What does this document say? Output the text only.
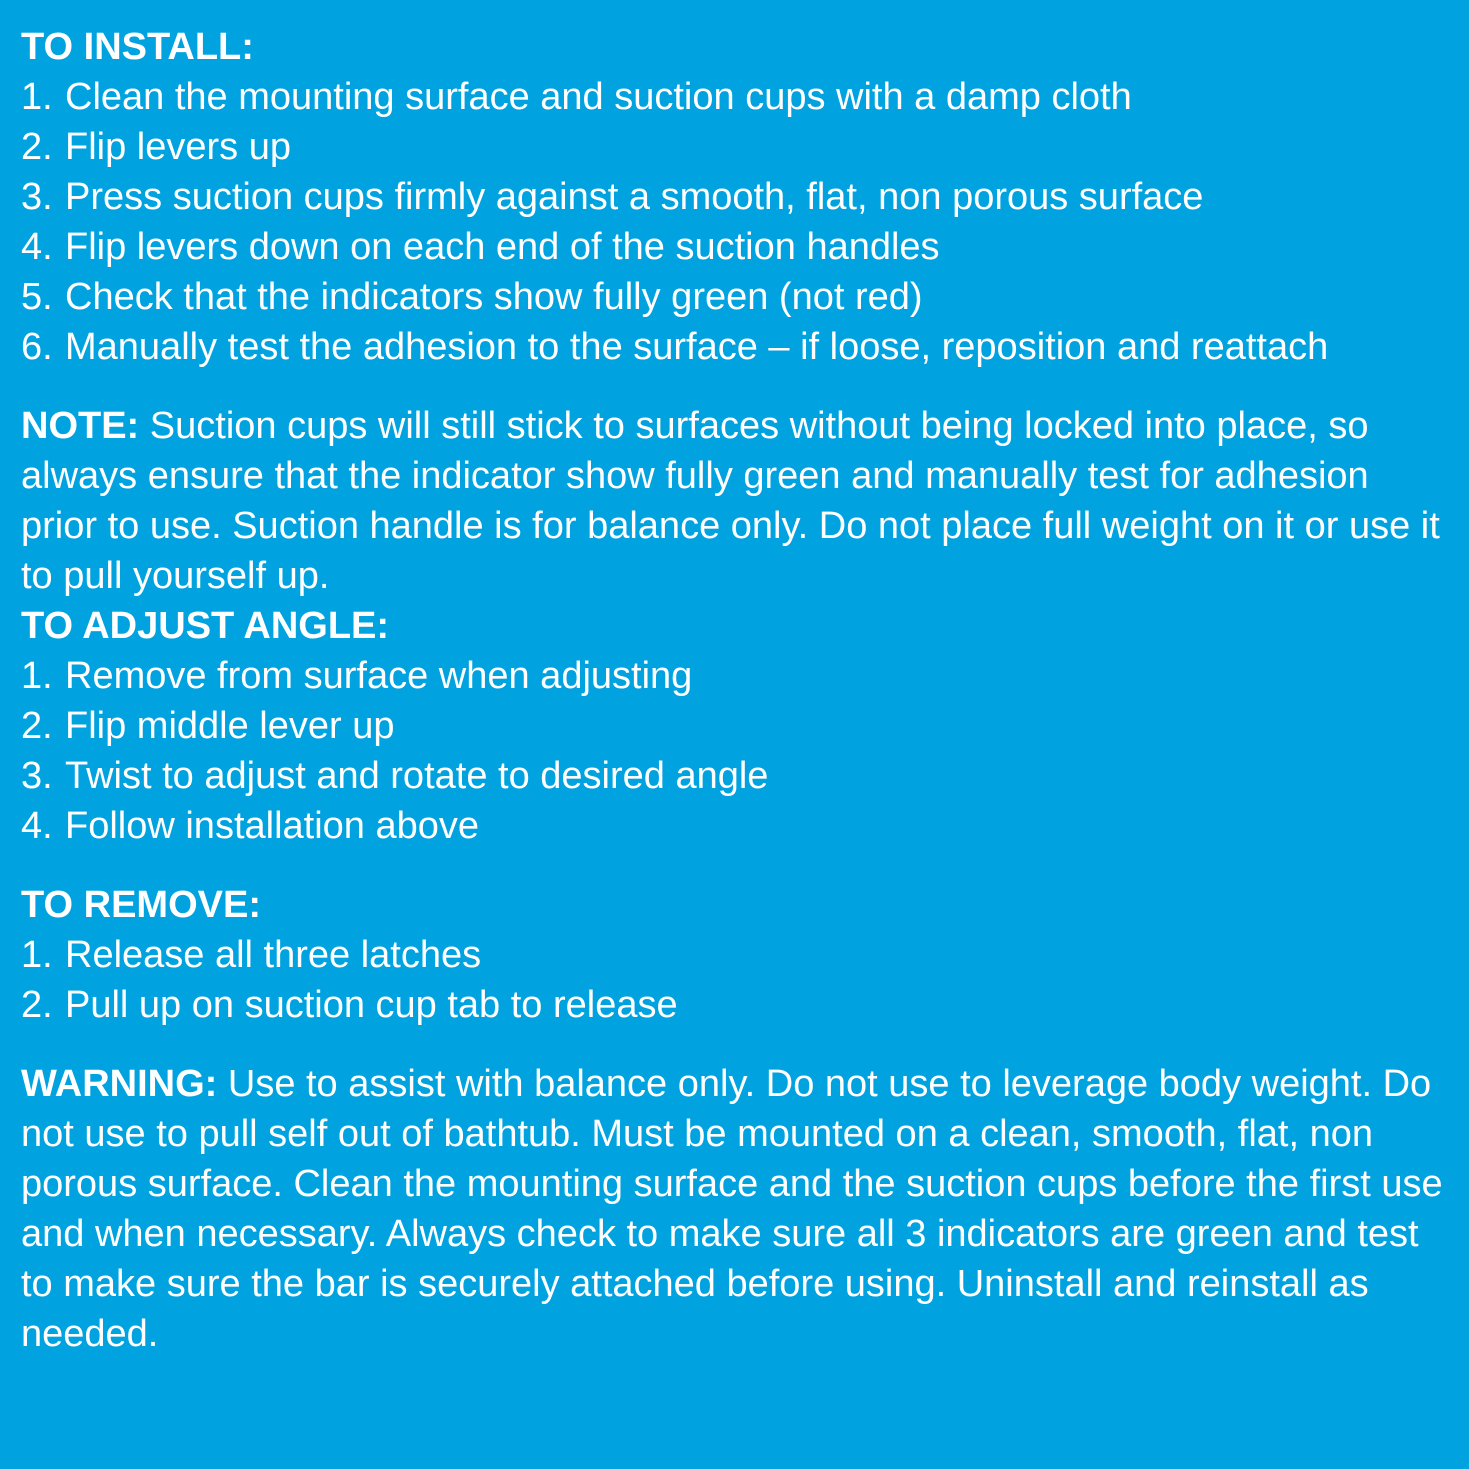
TO INSTALL:
1. Clean the mounting surface and suction cups with a damp cloth
2. Flip levers up
3. Press suction cups firmly against a smooth, flat, non porous surface
4. Flip levers down on each end of the suction handles
5. Check that the indicators show fully green (not red)
6. Manually test the adhesion to the surface – if loose, reposition and reattach

NOTE: Suction cups will still stick to surfaces without being locked into place, so always ensure that the indicator show fully green and manually test for adhesion prior to use. Suction handle is for balance only. Do not place full weight on it or use it to pull yourself up.

TO ADJUST ANGLE:
1. Remove from surface when adjusting
2. Flip middle lever up
3. Twist to adjust and rotate to desired angle
4. Follow installation above
TO REMOVE:
1. Release all three latches
2. Pull up on suction cup tab to release

WARNING: Use to assist with balance only. Do not use to leverage body weight. Do not use to pull self out of bathtub. Must be mounted on a clean, smooth, flat, non porous surface. Clean the mounting surface and the suction cups before the first use and when necessary. Always check to make sure all 3 indicators are green and test to make sure the bar is securely attached before using. Uninstall and reinstall as needed.
